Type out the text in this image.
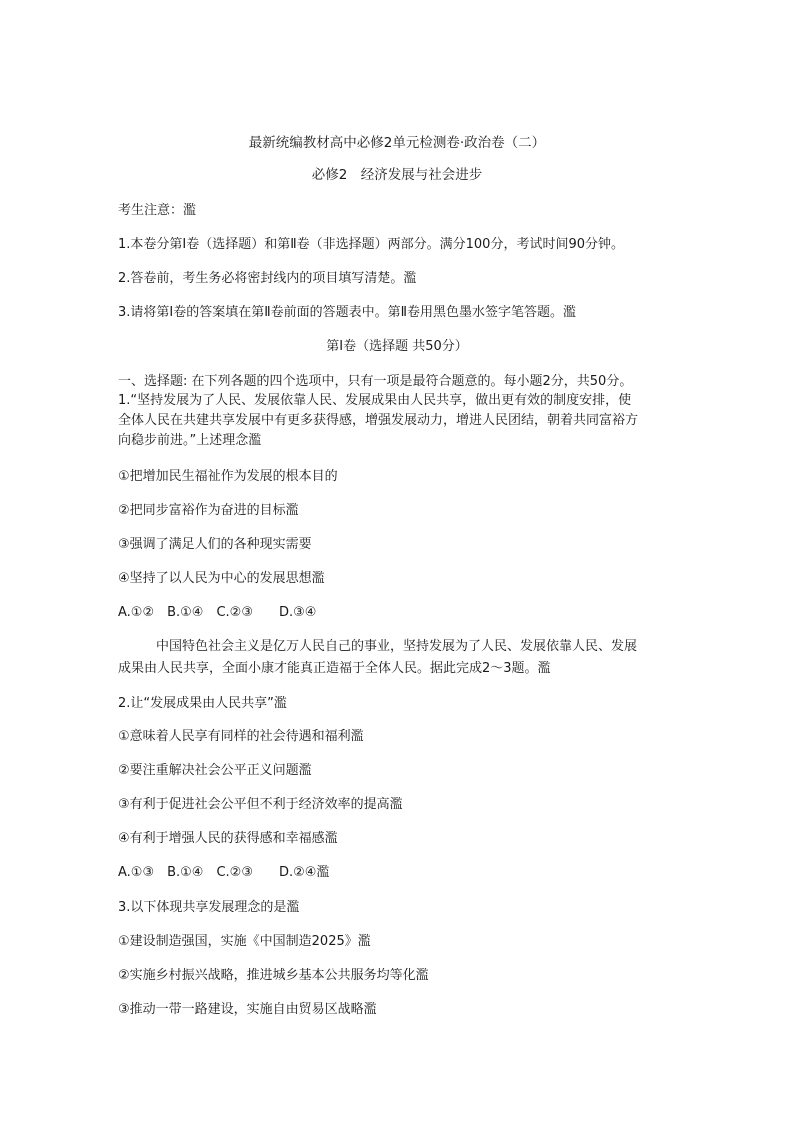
最新统编教材高中必修2单元检测卷·政治卷（二）
必修2　经济发展与社会进步
考生注意：濫
1.本卷分第Ⅰ卷（选择题）和第Ⅱ卷（非选择题）两部分。满分100分，考试时间90分钟。
2.答卷前，考生务必将密封线内的项目填写清楚。濫
3.请将第Ⅰ卷的答案填在第Ⅱ卷前面的答题表中。第Ⅱ卷用黑色墨水签字笔答题。濫
第Ⅰ卷（选择题 共50分）
一、选择题: 在下列各题的四个选项中，只有一项是最符合题意的。每小题2分，共50分。
1.“坚持发展为了人民、发展依靠人民、发展成果由人民共享，做出更有效的制度安排，使
全体人民在共建共享发展中有更多获得感，增强发展动力，增进人民团结，朝着共同富裕方
向稳步前进。”上述理念濫
①把增加民生福祉作为发展的根本目的
②把同步富裕作为奋进的目标濫
③强调了满足人们的各种现实需要
④坚持了以人民为中心的发展思想濫
A.①②　B.①④　C.②③　　D.③④
中国特色社会主义是亿万人民自己的事业，坚持发展为了人民、发展依靠人民、发展
成果由人民共享，全面小康才能真正造福于全体人民。据此完成2～3题。濫
2.让“发展成果由人民共享”濫
①意味着人民享有同样的社会待遇和福利濫
②要注重解决社会公平正义问题濫
③有利于促进社会公平但不利于经济效率的提高濫
④有利于增强人民的获得感和幸福感濫
A.①③　B.①④　C.②③　　D.②④濫
3.以下体现共享发展理念的是濫
①建设制造强国，实施《中国制造2025》濫
②实施乡村振兴战略，推进城乡基本公共服务均等化濫
③推动一带一路建设，实施自由贸易区战略濫
